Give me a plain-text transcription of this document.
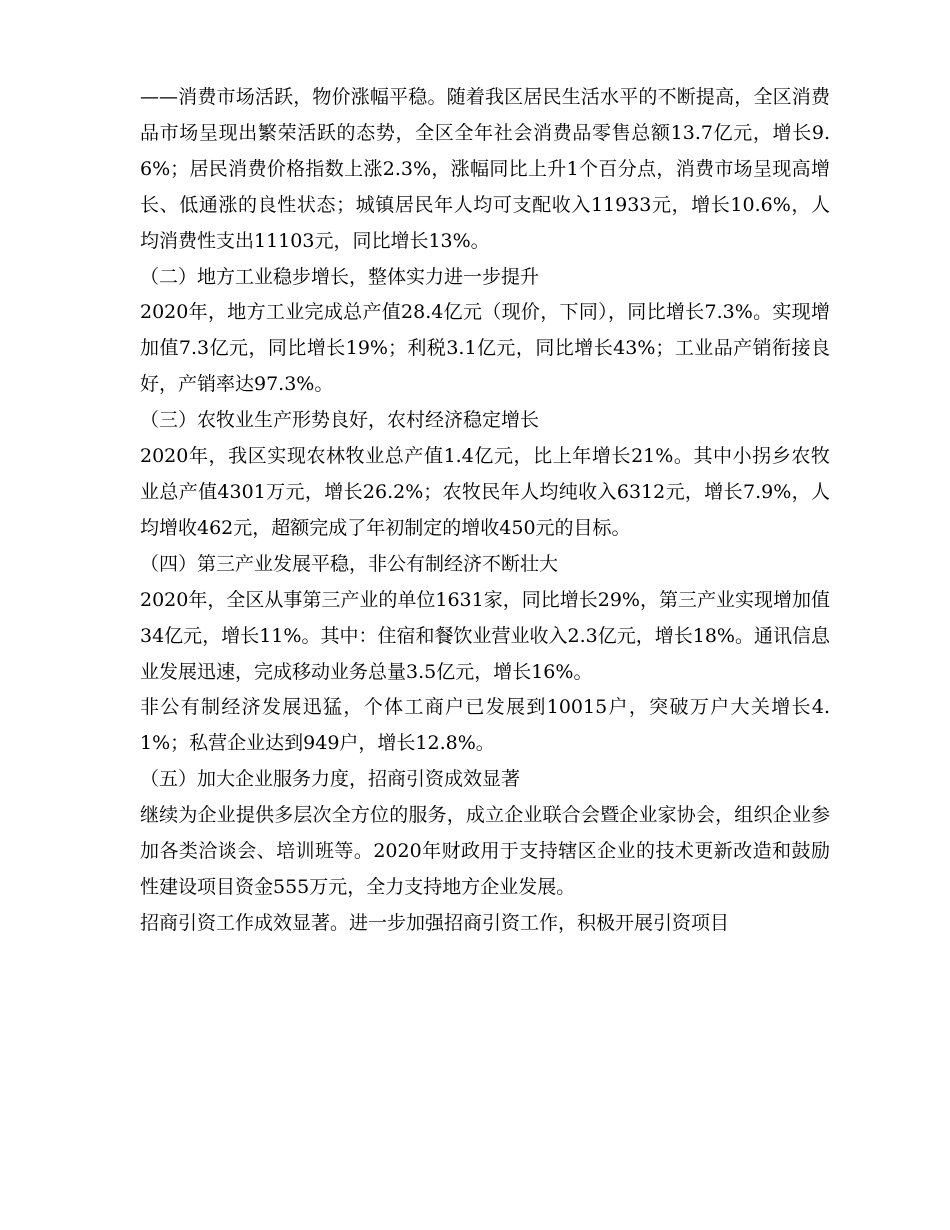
——消费市场活跃，物价涨幅平稳。随着我区居民生活水平的不断提高，全区消费品市场呈现出繁荣活跃的态势，全区全年社会消费品零售总额13.7亿元，增长9.6%；居民消费价格指数上涨2.3%，涨幅同比上升1个百分点，消费市场呈现高增长、低通涨的良性状态；城镇居民年人均可支配收入11933元，增长10.6%，人均消费性支出11103元，同比增长13%。

（二）地方工业稳步增长，整体实力进一步提升

2020年，地方工业完成总产值28.4亿元（现价，下同），同比增长7.3%。实现增加值7.3亿元，同比增长19%；利税3.1亿元，同比增长43%；工业品产销衔接良好，产销率达97.3%。

（三）农牧业生产形势良好，农村经济稳定增长

2020年，我区实现农林牧业总产值1.4亿元，比上年增长21%。其中小拐乡农牧业总产值4301万元，增长26.2%；农牧民年人均纯收入6312元，增长7.9%，人均增收462元，超额完成了年初制定的增收450元的目标。

（四）第三产业发展平稳，非公有制经济不断壮大

2020年，全区从事第三产业的单位1631家，同比增长29%，第三产业实现增加值34亿元，增长11%。其中：住宿和餐饮业营业收入2.3亿元，增长18%。通讯信息业发展迅速，完成移动业务总量3.5亿元，增长16%。

非公有制经济发展迅猛，个体工商户已发展到10015户，突破万户大关增长4.1%；私营企业达到949户，增长12.8%。

（五）加大企业服务力度，招商引资成效显著

继续为企业提供多层次全方位的服务，成立企业联合会暨企业家协会，组织企业参加各类洽谈会、培训班等。2020年财政用于支持辖区企业的技术更新改造和鼓励性建设项目资金555万元，全力支持地方企业发展。

招商引资工作成效显著。进一步加强招商引资工作，积极开展引资项目
